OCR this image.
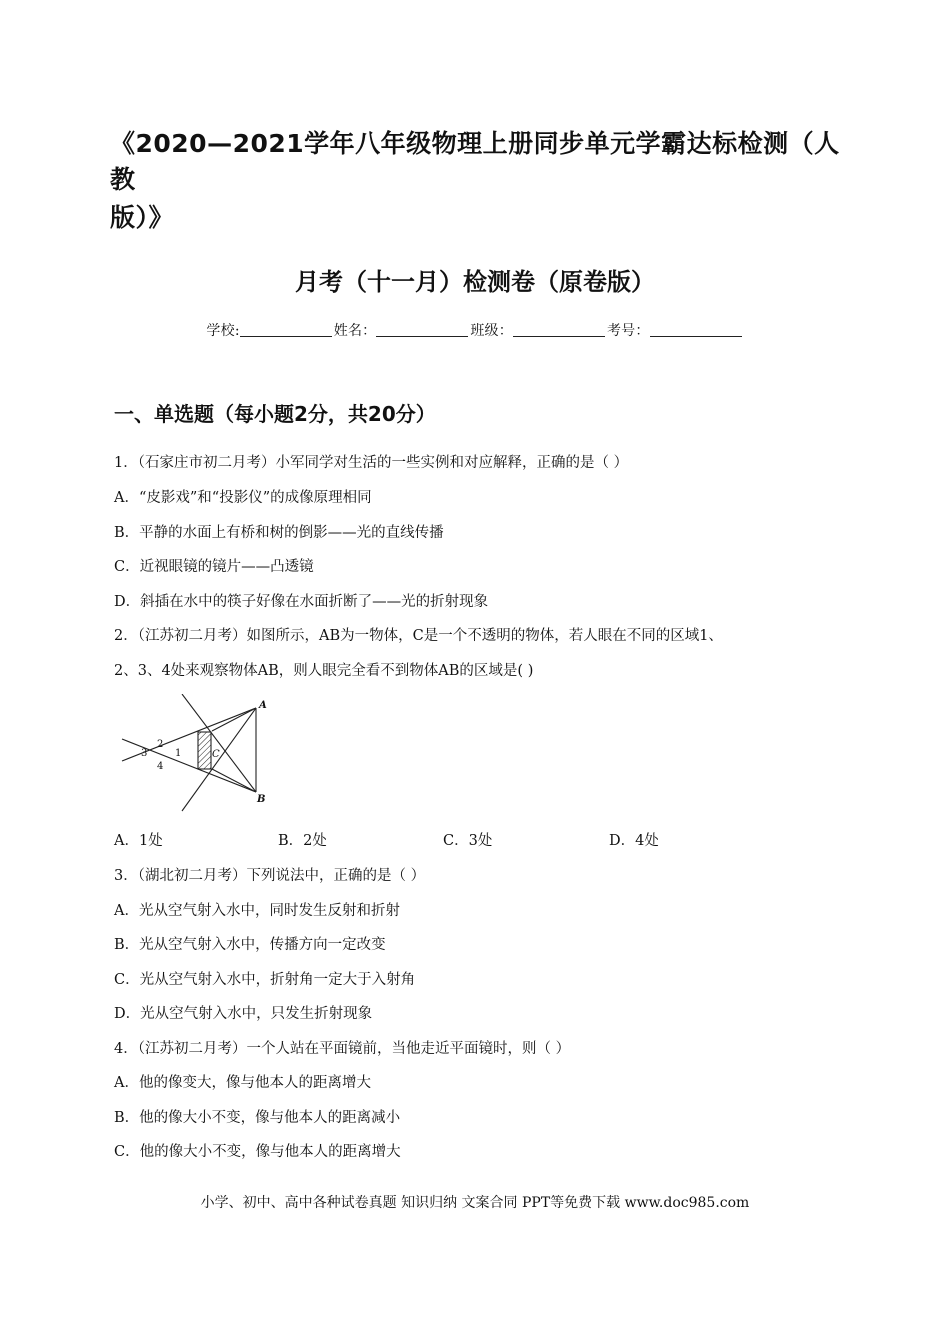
《2020—2021学年八年级物理上册同步单元学霸达标检测（人教
版）》
月考（十一月）检测卷（原卷版）
学校:	姓名：	班级：	考号：
一、单选题（每小题2分，共20分）
1．（石家庄市初二月考）小军同学对生活的一些实例和对应解释，正确的是（ ）
A．“皮影戏”和“投影仪”的成像原理相同
B．平静的水面上有桥和树的倒影——光的直线传播
C．近视眼镜的镜片——凸透镜
D．斜插在水中的筷子好像在水面折断了——光的折射现象
2．（江苏初二月考）如图所示，AB为一物体，C是一个不透明的物体，若人眼在不同的区域1、
2、3、4处来观察物体AB，则人眼完全看不到物体AB的区域是( )
A
B
C
1
2
3
4
A．1处	B．2处	C．3处	D．4处
3．（湖北初二月考）下列说法中，正确的是（ ）
A．光从空气射入水中，同时发生反射和折射
B．光从空气射入水中，传播方向一定改变
C．光从空气射入水中，折射角一定大于入射角
D．光从空气射入水中，只发生折射现象
4．（江苏初二月考）一个人站在平面镜前，当他走近平面镜时，则（ ）
A．他的像变大，像与他本人的距离增大
B．他的像大小不变，像与他本人的距离减小
C．他的像大小不变，像与他本人的距离增大
小学、初中、高中各种试卷真题 知识归纳 文案合同 PPT等免费下载 www.doc985.com
